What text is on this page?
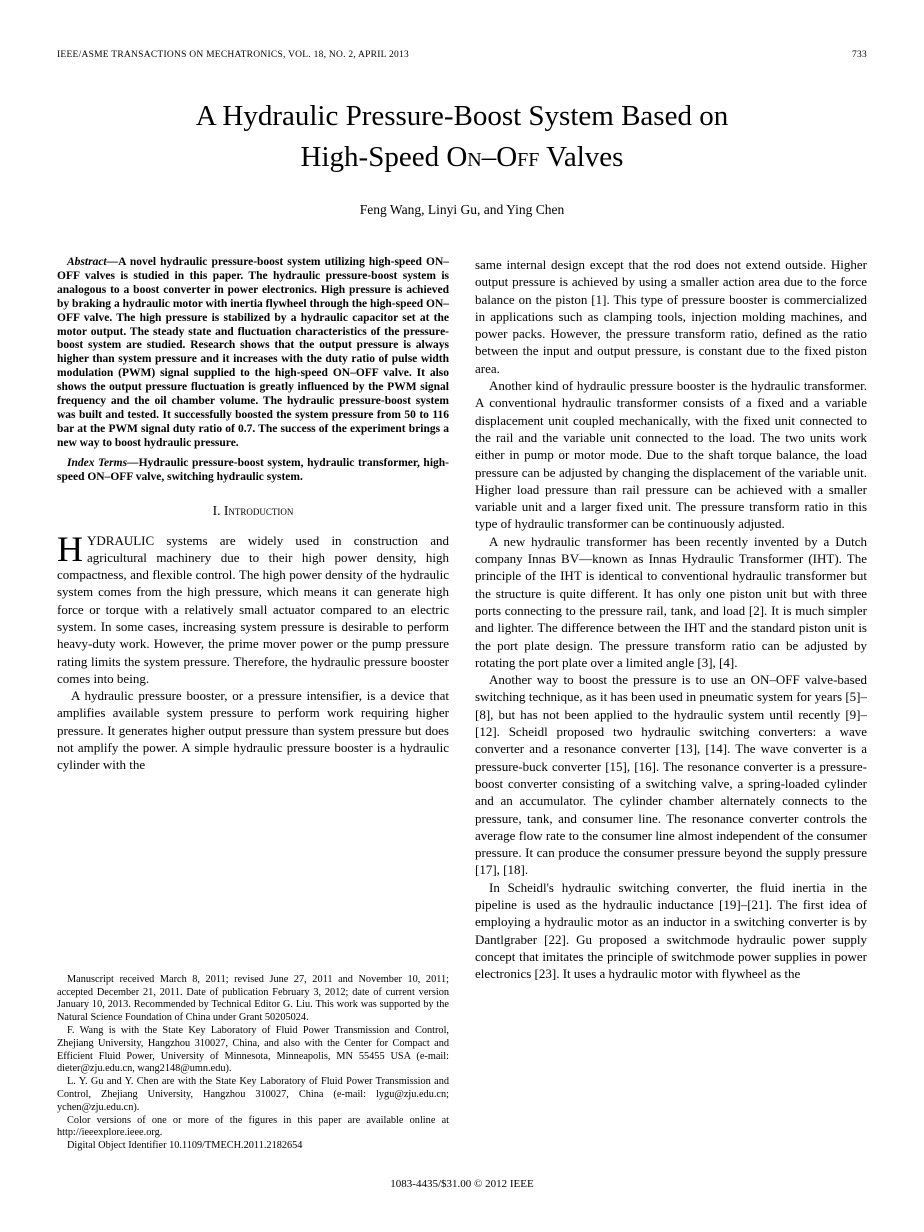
IEEE/ASME TRANSACTIONS ON MECHATRONICS, VOL. 18, NO. 2, APRIL 2013	733
A Hydraulic Pressure-Boost System Based on
High-Speed On–Off Valves
Feng Wang, Linyi Gu, and Ying Chen

Abstract—A novel hydraulic pressure-boost system utilizing high-speed ON–OFF valves is studied in this paper. The hydraulic pressure-boost system is analogous to a boost converter in power electronics. High pressure is achieved by braking a hydraulic motor with inertia flywheel through the high-speed ON–OFF valve. The high pressure is stabilized by a hydraulic capacitor set at the motor output. The steady state and fluctuation characteristics of the pressure-boost system are studied. Research shows that the output pressure is always higher than system pressure and it increases with the duty ratio of pulse width modulation (PWM) signal supplied to the high-speed ON–OFF valve. It also shows the output pressure fluctuation is greatly influenced by the PWM signal frequency and the oil chamber volume. The hydraulic pressure-boost system was built and tested. It successfully boosted the system pressure from 50 to 116 bar at the PWM signal duty ratio of 0.7. The success of the experiment brings a new way to boost hydraulic pressure.

Index Terms—Hydraulic pressure-boost system, hydraulic transformer, high-speed ON–OFF valve, switching hydraulic system.

I. Introduction

HYDRAULIC systems are widely used in construction and agricultural machinery due to their high power density, high compactness, and flexible control. The high power density of the hydraulic system comes from the high pressure, which means it can generate high force or torque with a relatively small actuator compared to an electric system. In some cases, increasing system pressure is desirable to perform heavy-duty work. However, the prime mover power or the pump pressure rating limits the system pressure. Therefore, the hydraulic pressure booster comes into being.

A hydraulic pressure booster, or a pressure intensifier, is a device that amplifies available system pressure to perform work requiring higher pressure. It generates higher output pressure than system pressure but does not amplify the power. A simple hydraulic pressure booster is a hydraulic cylinder with the

Manuscript received March 8, 2011; revised June 27, 2011 and November 10, 2011; accepted December 21, 2011. Date of publication February 3, 2012; date of current version January 10, 2013. Recommended by Technical Editor G. Liu. This work was supported by the Natural Science Foundation of China under Grant 50205024.

F. Wang is with the State Key Laboratory of Fluid Power Transmission and Control, Zhejiang University, Hangzhou 310027, China, and also with the Center for Compact and Efficient Fluid Power, University of Minnesota, Minneapolis, MN 55455 USA (e-mail: dieter@zju.edu.cn, wang2148@umn.edu).

L. Y. Gu and Y. Chen are with the State Key Laboratory of Fluid Power Transmission and Control, Zhejiang University, Hangzhou 310027, China (e-mail: lygu@zju.edu.cn; ychen@zju.edu.cn).

Color versions of one or more of the figures in this paper are available online at http://ieeexplore.ieee.org.

Digital Object Identifier 10.1109/TMECH.2011.2182654

same internal design except that the rod does not extend outside. Higher output pressure is achieved by using a smaller action area due to the force balance on the piston [1]. This type of pressure booster is commercialized in applications such as clamping tools, injection molding machines, and power packs. However, the pressure transform ratio, defined as the ratio between the input and output pressure, is constant due to the fixed piston area.

Another kind of hydraulic pressure booster is the hydraulic transformer. A conventional hydraulic transformer consists of a fixed and a variable displacement unit coupled mechanically, with the fixed unit connected to the rail and the variable unit connected to the load. The two units work either in pump or motor mode. Due to the shaft torque balance, the load pressure can be adjusted by changing the displacement of the variable unit. Higher load pressure than rail pressure can be achieved with a smaller variable unit and a larger fixed unit. The pressure transform ratio in this type of hydraulic transformer can be continuously adjusted.

A new hydraulic transformer has been recently invented by a Dutch company Innas BV—known as Innas Hydraulic Transformer (IHT). The principle of the IHT is identical to conventional hydraulic transformer but the structure is quite different. It has only one piston unit but with three ports connecting to the pressure rail, tank, and load [2]. It is much simpler and lighter. The difference between the IHT and the standard piston unit is the port plate design. The pressure transform ratio can be adjusted by rotating the port plate over a limited angle [3], [4].

Another way to boost the pressure is to use an ON–OFF valve-based switching technique, as it has been used in pneumatic system for years [5]–[8], but has not been applied to the hydraulic system until recently [9]–[12]. Scheidl proposed two hydraulic switching converters: a wave converter and a resonance converter [13], [14]. The wave converter is a pressure-buck converter [15], [16]. The resonance converter is a pressure-boost converter consisting of a switching valve, a spring-loaded cylinder and an accumulator. The cylinder chamber alternately connects to the pressure, tank, and consumer line. The resonance converter controls the average flow rate to the consumer line almost independent of the consumer pressure. It can produce the consumer pressure beyond the supply pressure [17], [18].

In Scheidl's hydraulic switching converter, the fluid inertia in the pipeline is used as the hydraulic inductance [19]–[21]. The first idea of employing a hydraulic motor as an inductor in a switching converter is by Dantlgraber [22]. Gu proposed a switchmode hydraulic power supply concept that imitates the principle of switchmode power supplies in power electronics [23]. It uses a hydraulic motor with flywheel as the

1083-4435/$31.00 © 2012 IEEE
